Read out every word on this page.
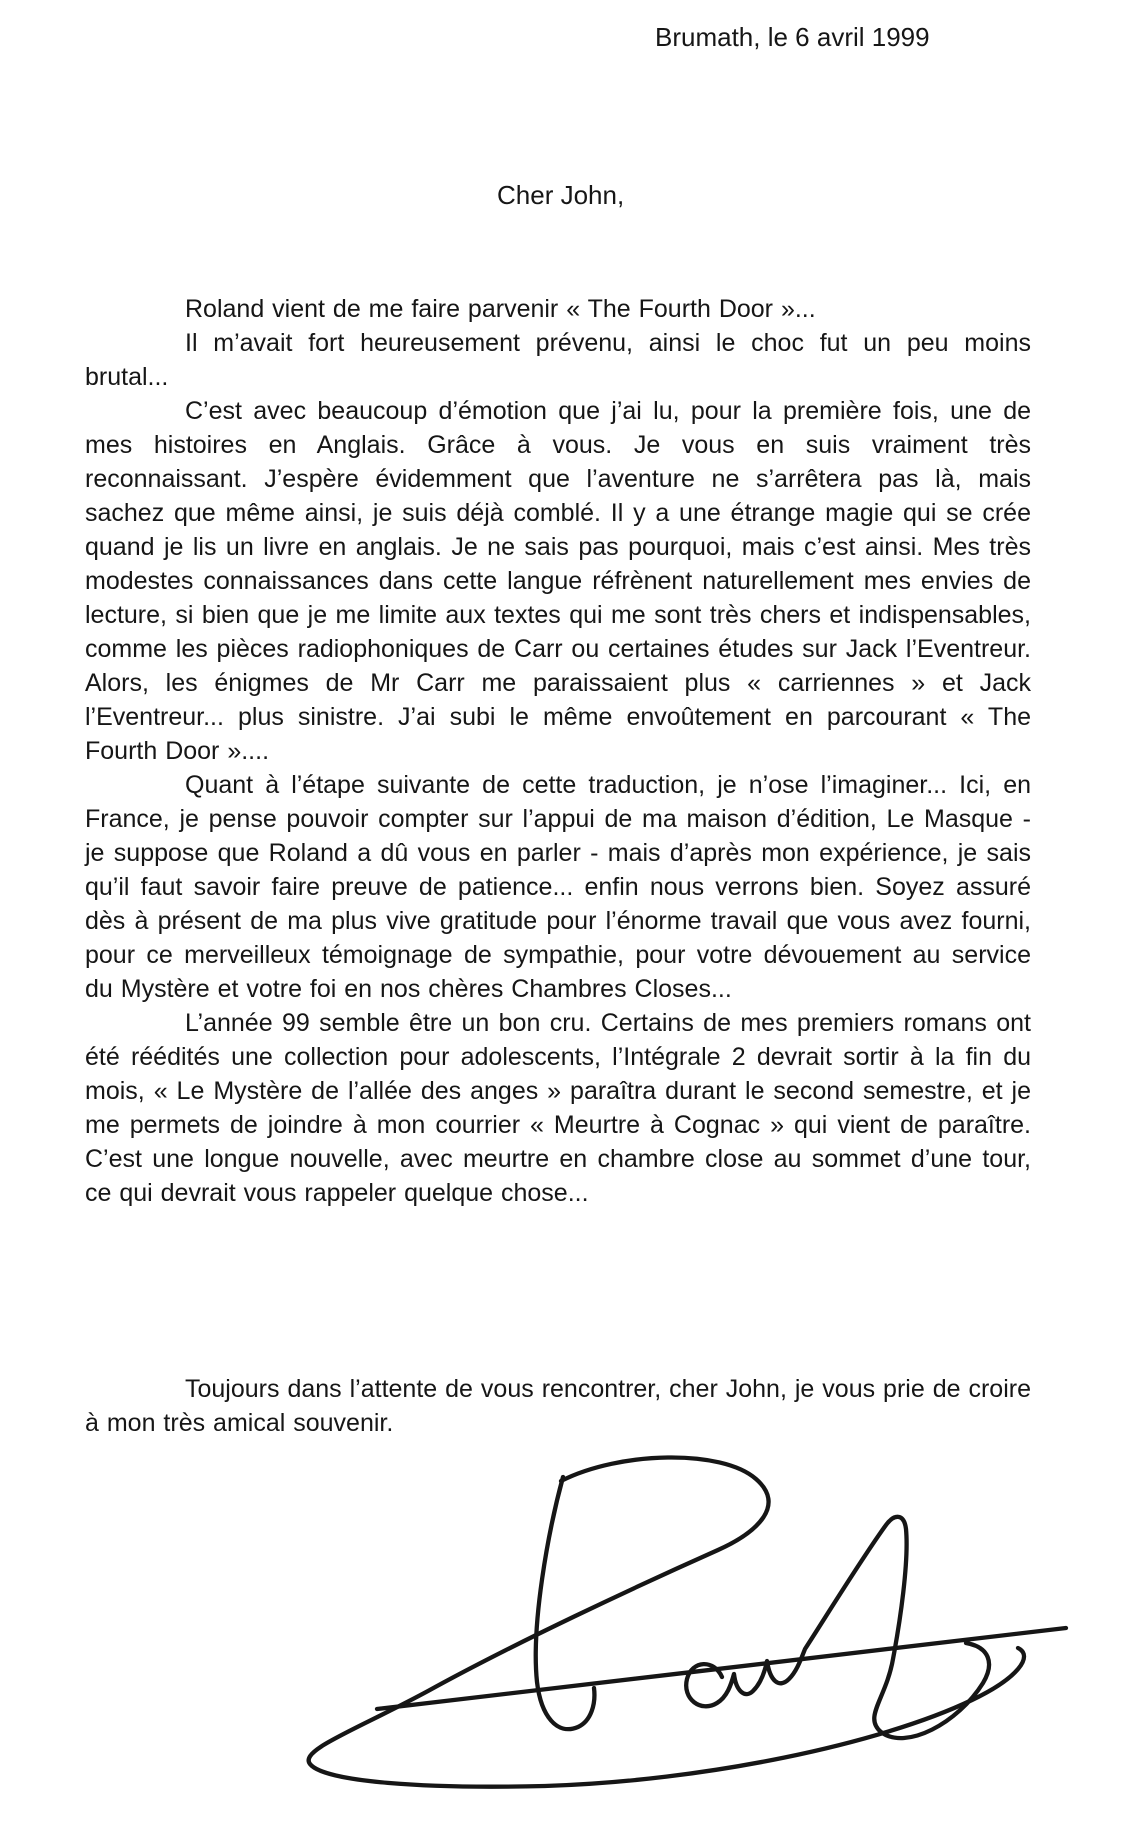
Brumath, le 6 avril 1999
Cher John,

Roland vient de me faire parvenir « The Fourth Door »...

Il m’avait fort heureusement prévenu, ainsi le choc fut un peu moins brutal...

C’est avec beaucoup d’émotion que j’ai lu, pour la première fois, une de mes histoires en Anglais. Grâce à vous. Je vous en suis vraiment très reconnaissant. J’espère évidemment que l’aventure ne s’arrêtera pas là, mais sachez que même ainsi, je suis déjà comblé. Il y a une étrange magie qui se crée quand je lis un livre en anglais. Je ne sais pas pourquoi, mais c’est ainsi. Mes très modestes connaissances dans cette langue réfrènent naturellement mes envies de lecture, si bien que je me limite aux textes qui me sont très chers et indispensables, comme les pièces radiophoniques de Carr ou certaines études sur Jack l’Eventreur. Alors, les énigmes de Mr Carr me paraissaient plus « carriennes » et Jack l’Eventreur... plus sinistre. J’ai subi le même envoûtement en parcourant « The Fourth Door »....

Quant à l’étape suivante de cette traduction, je n’ose l’imaginer... Ici, en France, je pense pouvoir compter sur l’appui de ma maison d’édition, Le Masque - je suppose que Roland a dû vous en parler - mais d’après mon expérience, je sais qu’il faut savoir faire preuve de patience... enfin nous verrons bien. Soyez assuré dès à présent de ma plus vive gratitude pour l’énorme travail que vous avez fourni, pour ce merveilleux témoignage de sympathie, pour votre dévouement au service du Mystère et votre foi en nos chères Chambres Closes...

L’année 99 semble être un bon cru. Certains de mes premiers romans ont été réédités une collection pour adolescents, l’Intégrale 2 devrait sortir à la fin du mois, « Le Mystère de l’allée des anges » paraîtra durant le second semestre, et je me permets de joindre à mon courrier « Meurtre à Cognac » qui vient de paraître. C’est une longue nouvelle, avec meurtre en chambre close au sommet d’une tour, ce qui devrait vous rappeler quelque chose...

Toujours dans l’attente de vous rencontrer, cher John, je vous prie de croire à mon très amical souvenir.
